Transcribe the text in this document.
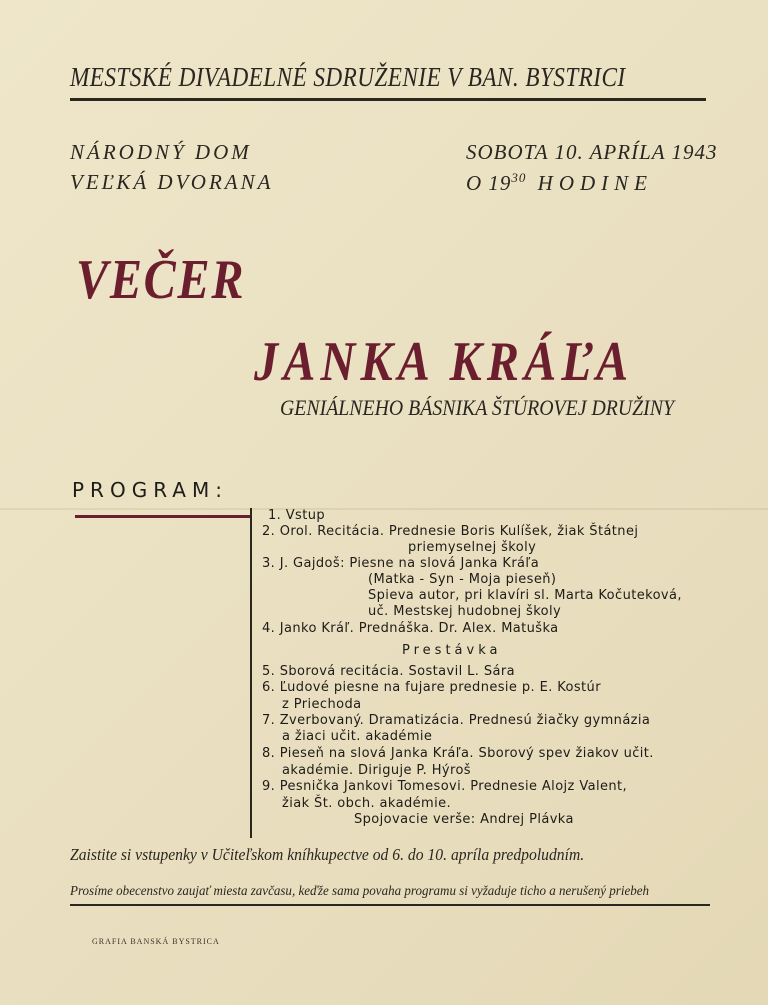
MESTSKÉ DIVADELNÉ SDRUŽENIE V BAN. BYSTRICI
NÁRODNÝ DOM
VEĽKÁ DVORANA
SOBOTA 10. APRÍLA 1943
O $19^{30}$ HODINE
VEČER
JANKA KRÁĽA
GENIÁLNEHO BÁSNIKA ŠTÚROVEJ DRUŽINY
PROGRAM:
1. Vstup
2. Orol. Recitácia. Prednesie Boris Kulíšek, žiak Štátnej
priemyselnej školy
3. J. Gajdoš: Piesne na slová Janka Kráľa
(Matka - Syn - Moja pieseň)
Spieva autor, pri klavíri sl. Marta Kočuteková,
uč. Mestskej hudobnej školy
4. Janko Kráľ. Prednáška. Dr. Alex. Matuška
Prestávka
5. Sborová recitácia. Sostavil L. Sára
6. Ľudové piesne na fujare prednesie p. E. Kostúr
z Priechoda
7. Zverbovaný. Dramatizácia. Prednesú žiačky gymnázia
a žiaci učit. akadémie
8. Pieseň na slová Janka Kráľa. Sborový spev žiakov učit.
akadémie. Diriguje P. Hýroš
9. Pesnička Jankovi Tomesovi. Prednesie Alojz Valent,
žiak Št. obch. akadémie.
Spojovacie verše: Andrej Plávka
Zaistite si vstupenky v Učiteľskom kníhkupectve od 6. do 10. apríla predpoludním.
Prosíme obecenstvo zaujať miesta zavčasu, keďže sama povaha programu si vyžaduje ticho a nerušený priebeh
GRAFIA BANSKÁ BYSTRICA
